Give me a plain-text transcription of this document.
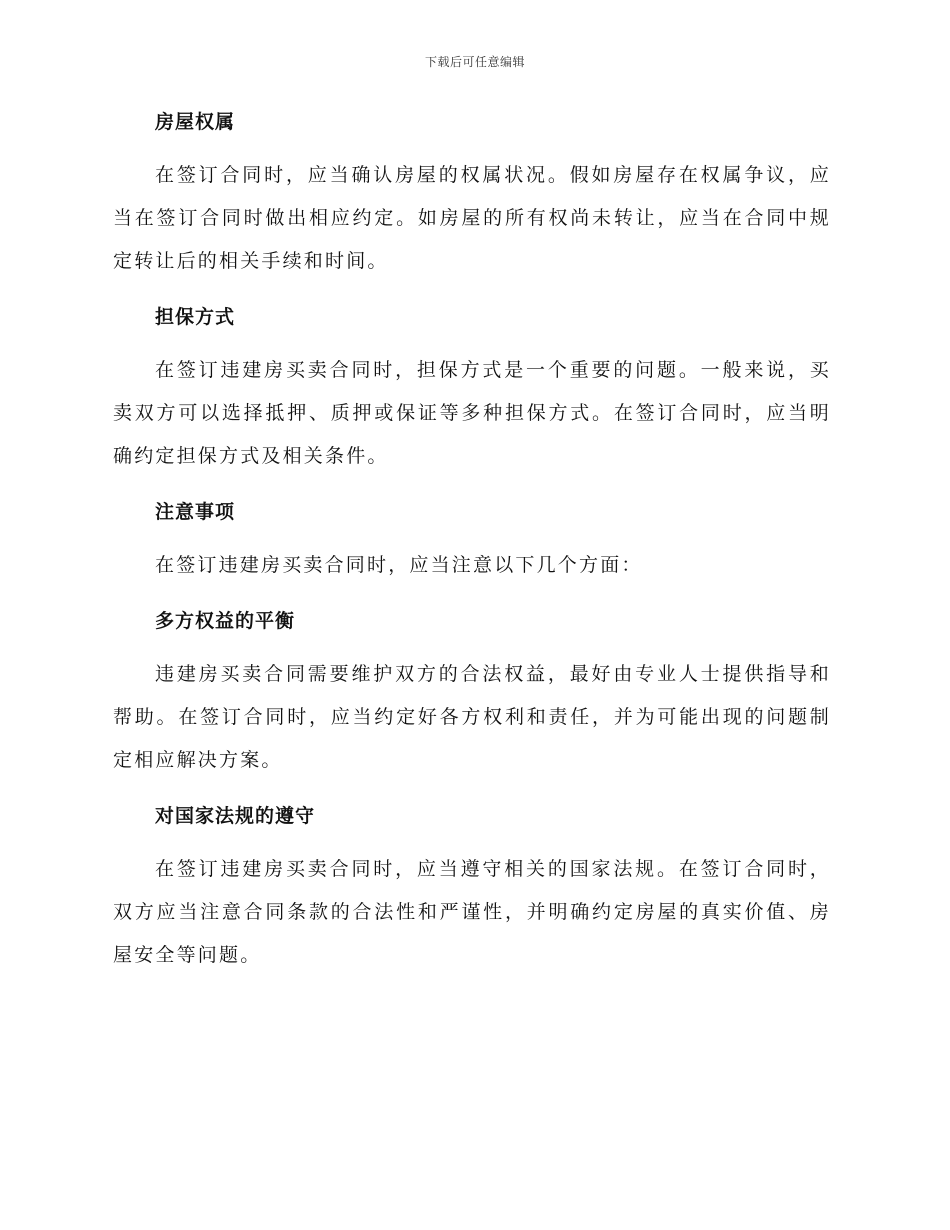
下载后可任意编辑
房屋权属

在签订合同时，应当确认房屋的权属状况。假如房屋存在权属争议，应当在签订合同时做出相应约定。如房屋的所有权尚未转让，应当在合同中规定转让后的相关手续和时间。

担保方式

在签订违建房买卖合同时，担保方式是一个重要的问题。一般来说，买卖双方可以选择抵押、质押或保证等多种担保方式。在签订合同时，应当明确约定担保方式及相关条件。

注意事项

在签订违建房买卖合同时，应当注意以下几个方面：

多方权益的平衡

违建房买卖合同需要维护双方的合法权益，最好由专业人士提供指导和帮助。在签订合同时，应当约定好各方权利和责任，并为可能出现的问题制定相应解决方案。

对国家法规的遵守

在签订违建房买卖合同时，应当遵守相关的国家法规。在签订合同时，双方应当注意合同条款的合法性和严谨性，并明确约定房屋的真实价值、房屋安全等问题。
